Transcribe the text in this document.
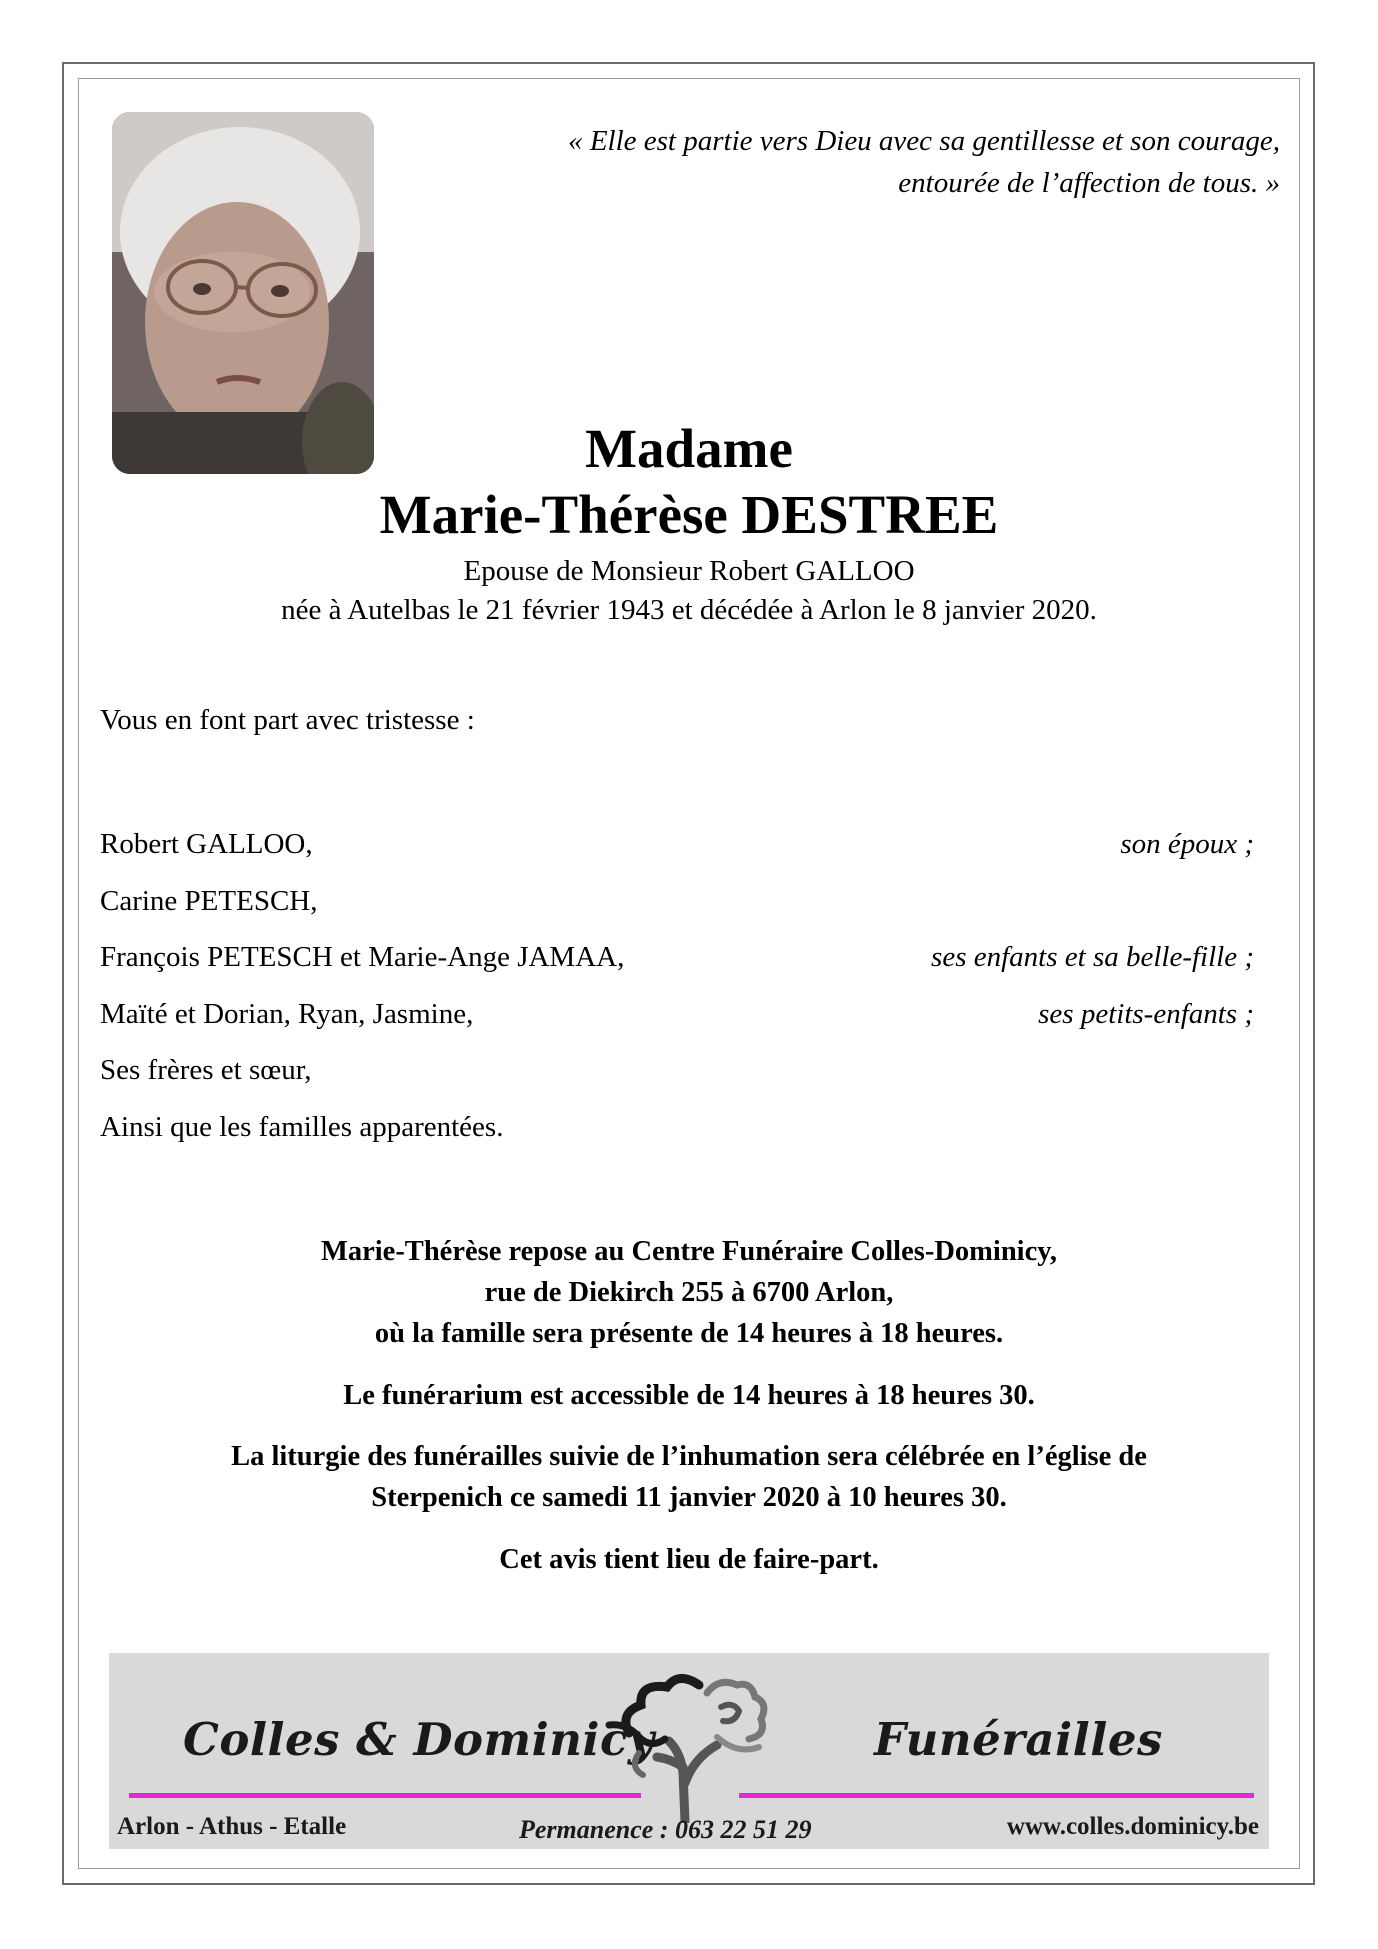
« Elle est partie vers Dieu avec sa gentillesse et son courage,
entourée de l’affection de tous. »
Madame
Marie-Thérèse DESTREE
Epouse de Monsieur Robert GALLOO
née à Autelbas le 21 février 1943 et décédée à Arlon le 8 janvier 2020.
Vous en font part avec tristesse :
Robert GALLOO,	son époux ;
Carine PETESCH,
François PETESCH et Marie-Ange JAMAA,	ses enfants et sa belle-fille ;
Maïté et Dorian, Ryan, Jasmine,	ses petits-enfants ;
Ses frères et sœur,
Ainsi que les familles apparentées.
Marie-Thérèse repose au Centre Funéraire Colles-Dominicy,
rue de Diekirch 255 à 6700 Arlon,
où la famille sera présente de 14 heures à 18 heures.
Le funérarium est accessible de 14 heures à 18 heures 30.
La liturgie des funérailles suivie de l’inhumation sera célébrée en l’église de
Sterpenich ce samedi 11 janvier 2020 à 10 heures 30.
Cet avis tient lieu de faire-part.
Colles & Dominicy	Funérailles
Arlon - Athus - Etalle	Permanence : 063 22 51 29	www.colles.dominicy.be
